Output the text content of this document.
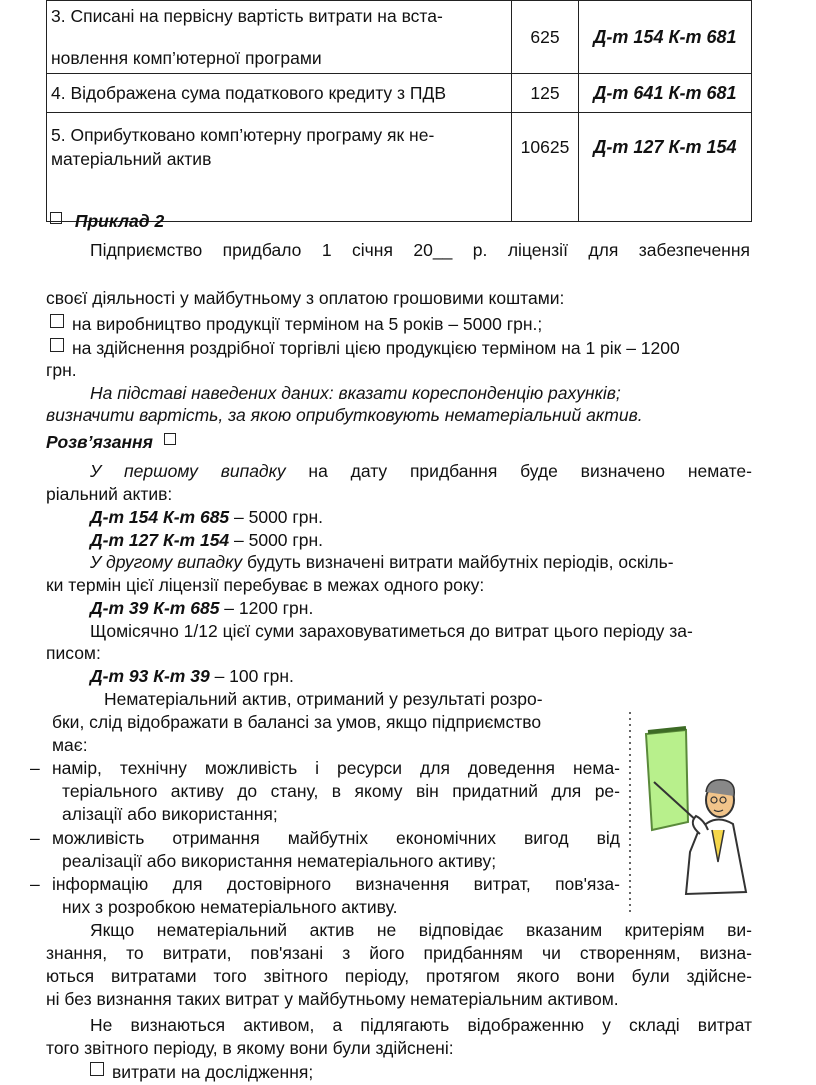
3. Списані на первісну вартість витрати на вста-
новлення комп’ютерної програми	625	Д-т 154 К-т 681
4. Відображена сума податкового кредиту з ПДВ	125	Д-т 641 К-т 681

5. Оприбутковано комп’ютерну програму як не-
матеріальний актив	10625	Д-т 127 К-т 154
Приклад 2
Підприємство придбало 1 січня 20__ р. ліцензії для забезпечення
своєї діяльності у майбутньому з оплатою грошовими коштами:
на виробництво продукції терміном на 5 років – 5000 грн.;
на здійснення роздрібної торгівлі цією продукцією терміном на 1 рік – 1200
грн.
На підставі наведених даних: вказати кореспонденцію рахунків;
визначити вартість, за якою оприбутковують нематеріальний актив.
Розв’язання
У першому випадку на дату придбання буде визначено немате-
ріальний актив:
Д-т 154 К-т 685 – 5000 грн.
Д-т 127 К-т 154 – 5000 грн.
У другому випадку будуть визначені витрати майбутніх періодів, оскіль-
ки термін цієї ліцензії перебуває в межах одного року:
Д-т 39 К-т 685 – 1200 грн.
Щомісячно 1/12 цієї суми зараховуватиметься до витрат цього періоду за-
писом:
Д-т 93 К-т 39 – 100 грн.
Нематеріальний актив, отриманий у результаті розро-
бки, слід відображати в балансі за умов, якщо підприємство
має:
– намір, технічну можливість і ресурси для доведення нема-
теріального активу до стану, в якому він придатний для ре-
алізації або використання;
– можливість отримання майбутніх економічних вигод від
реалізації або використання нематеріального активу;
– інформацію для достовірного визначення витрат, пов'яза-
них з розробкою нематеріального активу.
Якщо нематеріальний актив не відповідає вказаним критеріям ви-
знання, то витрати, пов'язані з його придбанням чи створенням, визна-
ються витратами того звітного періоду, протягом якого вони були здійсне-
ні без визнання таких витрат у майбутньому нематеріальним активом.
Не визнаються активом, а підлягають відображенню у складі витрат
того звітного періоду, в якому вони були здійснені:
витрати на дослідження;
